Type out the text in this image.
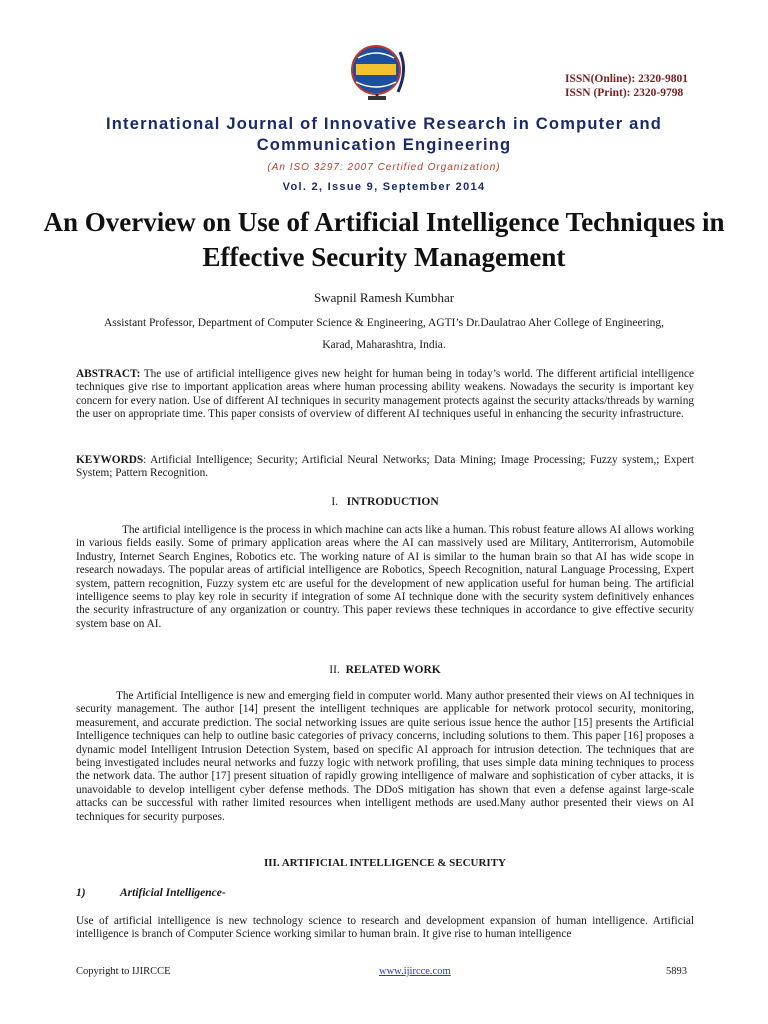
ISSN(Online): 2320-9801
ISSN (Print): 2320-9798
International Journal of Innovative Research in Computer and Communication Engineering
(An ISO 3297: 2007 Certified Organization)
Vol. 2, Issue 9, September 2014
An Overview on Use of Artificial Intelligence Techniques in Effective Security Management
Swapnil Ramesh Kumbhar
Assistant Professor, Department of Computer Science & Engineering, AGTI’s Dr.Daulatrao Aher College of Engineering, Karad, Maharashtra, India.
ABSTRACT: The use of artificial intelligence gives new height for human being in today’s world. The different artificial intelligence techniques give rise to important application areas where human processing ability weakens. Nowadays the security is important key concern for every nation. Use of different AI techniques in security management protects against the security attacks/threads by warning the user on appropriate time. This paper consists of overview of different AI techniques useful in enhancing the security infrastructure.
KEYWORDS: Artificial Intelligence; Security; Artificial Neural Networks; Data Mining; Image Processing; Fuzzy system,; Expert System; Pattern Recognition.
I. INTRODUCTION
The artificial intelligence is the process in which machine can acts like a human. This robust feature allows AI allows working in various fields easily. Some of primary application areas where the AI can massively used are Military, Antiterrorism, Automobile Industry, Internet Search Engines, Robotics etc. The working nature of AI is similar to the human brain so that AI has wide scope in research nowadays. The popular areas of artificial intelligence are Robotics, Speech Recognition, natural Language Processing, Expert system, pattern recognition, Fuzzy system etc are useful for the development of new application useful for human being. The artificial intelligence seems to play key role in security if integration of some AI technique done with the security system definitively enhances the security infrastructure of any organization or country. This paper reviews these techniques in accordance to give effective security system base on AI.
II. RELATED WORK
The Artificial Intelligence is new and emerging field in computer world. Many author presented their views on AI techniques in security management. The author [14] present the intelligent techniques are applicable for network protocol security, monitoring, measurement, and accurate prediction. The social networking issues are quite serious issue hence the author [15] presents the Artificial Intelligence techniques can help to outline basic categories of privacy concerns, including solutions to them. This paper [16] proposes a dynamic model Intelligent Intrusion Detection System, based on specific AI approach for intrusion detection. The techniques that are being investigated includes neural networks and fuzzy logic with network profiling, that uses simple data mining techniques to process the network data. The author [17] present situation of rapidly growing intelligence of malware and sophistication of cyber attacks, it is unavoidable to develop intelligent cyber defense methods. The DDoS mitigation has shown that even a defense against large-scale attacks can be successful with rather limited resources when intelligent methods are used.Many author presented their views on AI techniques for security purposes.
III. ARTIFICIAL INTELLIGENCE & SECURITY
1)	Artificial Intelligence-
Use of artificial intelligence is new technology science to research and development expansion of human intelligence. Artificial intelligence is branch of Computer Science working similar to human brain. It give rise to human intelligence
Copyright to IJIRCCE	www.ijircce.com	5893
